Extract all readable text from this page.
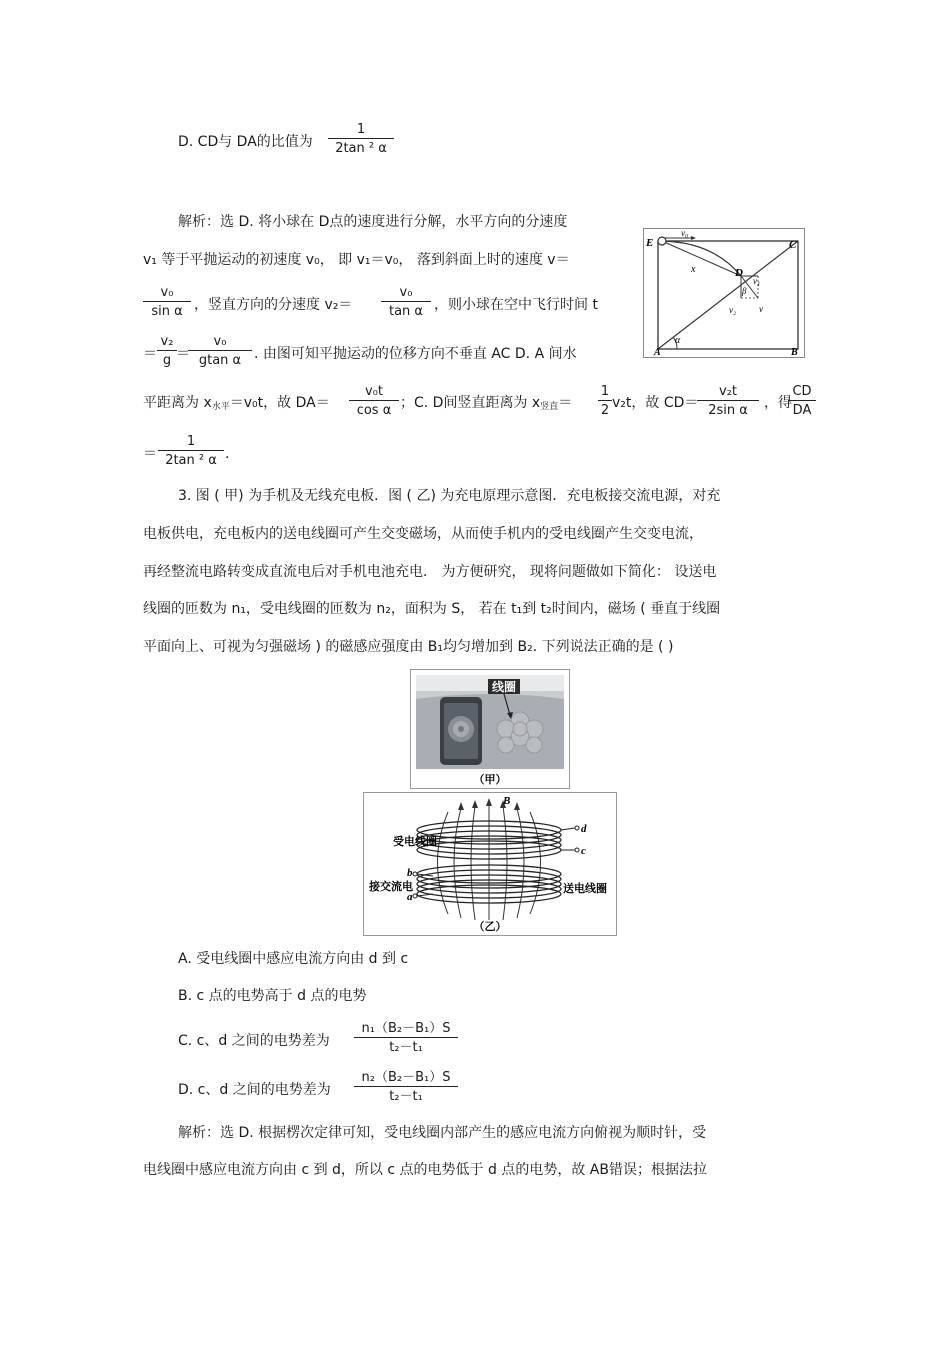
D. CD与 DA的比值为
1
2tan ² α
解析：选 D. 将小球在 D点的速度进行分解，水平方向的分速度
v₁ 等于平抛运动的初速度 v₀， 即 v₁＝v₀， 落到斜面上时的速度 v＝
v₀
sin α ，竖直方向的分速度 v₂＝
v₀
tan α ，则小球在空中飞行时间 t
＝
v₂
g ＝
v₀
gtan α . 由图可知平抛运动的位移方向不垂直 AC D. A 间水
平距离为 $x_{水平}=v_0t$，故 DA＝
v₀t
cos α ；C. D间竖直距离为 $x_{竖直}=$
1
2 v₂t，故 CD＝
v₂t
2sin α	，得
CD
DA
＝
1
2tan ² α .
E
v₀
C
x	D
v₁
v₂	v
β
α
A	B
3. 图 ( 甲) 为手机及无线充电板．图 ( 乙) 为充电原理示意图．充电板接交流电源，对充
电板供电，充电板内的送电线圈可产生交变磁场，从而使手机内的受电线圈产生交变电流，
再经整流电路转变成直流电后对手机电池充电． 为方便研究， 现将问题做如下简化： 设送电
线圈的匝数为 n₁，受电线圈的匝数为 n₂，面积为 S， 若在 t₁到 t₂时间内，磁场 ( 垂直于线圈
平面向上、可视为匀强磁场 ) 的磁感应强度由 B₁均匀增加到 B₂. 下列说法正确的是 ( )
线圈
（甲）
B
受电线圈
接交流电	送电线圈
d
c
b
a
（乙）
A. 受电线圈中感应电流方向由 d 到 c
B. c 点的电势高于 d 点的电势
C. c、d 之间的电势差为
n₁（B₂－B₁）S
t₂－t₁
D. c、d 之间的电势差为
n₂（B₂－B₁）S
t₂－t₁
解析：选 D. 根据楞次定律可知，受电线圈内部产生的感应电流方向俯视为顺时针，受
电线圈中感应电流方向由 c 到 d，所以 c 点的电势低于 d 点的电势，故 AB错误；根据法拉
